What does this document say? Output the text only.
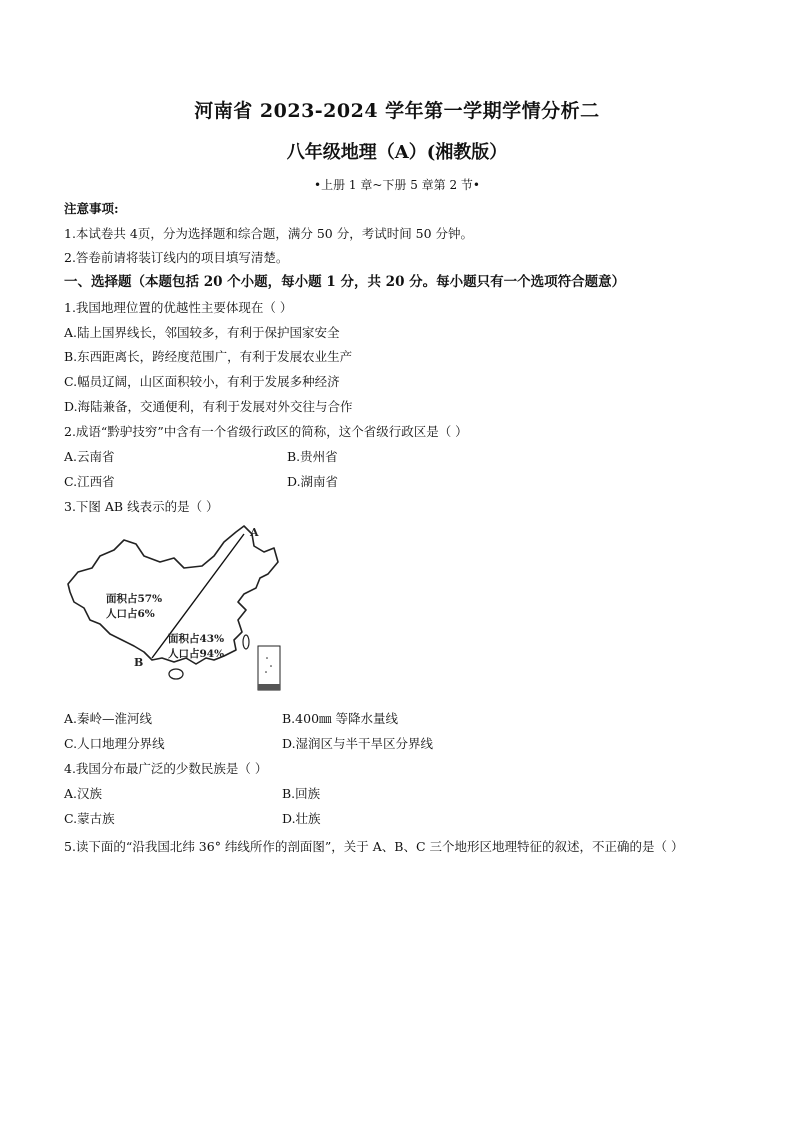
河南省 2023-2024 学年第一学期学情分析二
八年级地理（A）(湘教版）
•上册 1 章~下册 5 章第 2 节•
注意事项:
1.本试卷共 4页，分为选择题和综合题，满分 50 分，考试时间 50 分钟。
2.答卷前请将装订线内的项目填写清楚。
一、选择题（本题包括 20 个小题，每小题 1 分，共 20 分。每小题只有一个选项符合题意）
1.我国地理位置的优越性主要体现在（ ）
A.陆上国界线长，邻国较多，有利于保护国家安全
B.东西距离长，跨经度范围广，有利于发展农业生产
C.幅员辽阔，山区面积较小，有利于发展多种经济
D.海陆兼备，交通便利，有利于发展对外交往与合作
2.成语“黔驴技穷”中含有一个省级行政区的简称，这个省级行政区是（ ）
A.云南省	B.贵州省
C.江西省	D.湖南省
3.下图 AB 线表示的是（ ）
A
B
面积占57%
人口占6%
面积占43%
人口占94%
A.秦岭—淮河线	B.400㎜ 等降水量线
C.人口地理分界线	D.湿润区与半干旱区分界线
4.我国分布最广泛的少数民族是（ ）
A.汉族	B.回族
C.蒙古族	D.壮族
5.读下面的“沿我国北纬 36° 纬线所作的剖面图”，关于 A、B、C 三个地形区地理特征的叙述，不正确的是（ ）
